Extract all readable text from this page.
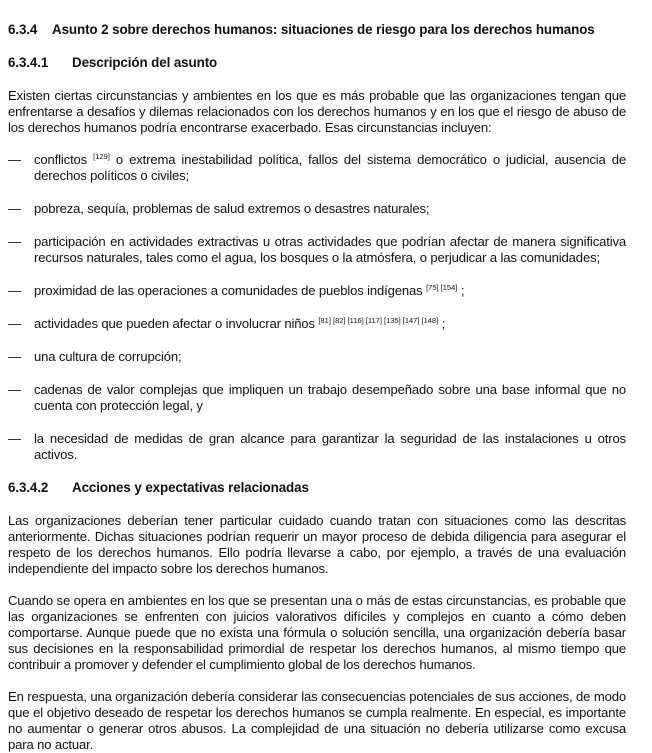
6.3.4	Asunto 2 sobre derechos humanos: situaciones de riesgo para los derechos humanos
6.3.4.1	Descripción del asunto

Existen ciertas circunstancias y ambientes en los que es más probable que las organizaciones tengan que enfrentarse a desafíos y dilemas relacionados con los derechos humanos y en los que el riesgo de abuso de los derechos humanos podría encontrarse exacerbado. Esas circunstancias incluyen:

— conflictos [129] o extrema inestabilidad política, fallos del sistema democrático o judicial, ausencia de derechos políticos o civiles;
— pobreza, sequía, problemas de salud extremos o desastres naturales;
— participación en actividades extractivas u otras actividades que podrían afectar de manera significativa recursos naturales, tales como el agua, los bosques o la atmósfera, o perjudicar a las comunidades;
— proximidad de las operaciones a comunidades de pueblos indígenas [75] [154] ;
— actividades que pueden afectar o involucrar niños [81] [82] [116] [117] [135] [147] [148] ;
— una cultura de corrupción;
— cadenas de valor complejas que impliquen un trabajo desempeñado sobre una base informal que no cuenta con protección legal, y
— la necesidad de medidas de gran alcance para garantizar la seguridad de las instalaciones u otros activos.
6.3.4.2	Acciones y expectativas relacionadas

Las organizaciones deberían tener particular cuidado cuando tratan con situaciones como las descritas anteriormente. Dichas situaciones podrían requerir un mayor proceso de debida diligencia para asegurar el respeto de los derechos humanos. Ello podría llevarse a cabo, por ejemplo, a través de una evaluación independiente del impacto sobre los derechos humanos.

Cuando se opera en ambientes en los que se presentan una o más de estas circunstancias, es probable que las organizaciones se enfrenten con juicios valorativos difíciles y complejos en cuanto a cómo deben comportarse. Aunque puede que no exista una fórmula o solución sencilla, una organización debería basar sus decisiones en la responsabilidad primordial de respetar los derechos humanos, al mismo tiempo que contribuir a promover y defender el cumplimiento global de los derechos humanos.

En respuesta, una organización debería considerar las consecuencias potenciales de sus acciones, de modo que el objetivo deseado de respetar los derechos humanos se cumpla realmente. En especial, es importante no aumentar o generar otros abusos. La complejidad de una situación no debería utilizarse como excusa para no actuar.
